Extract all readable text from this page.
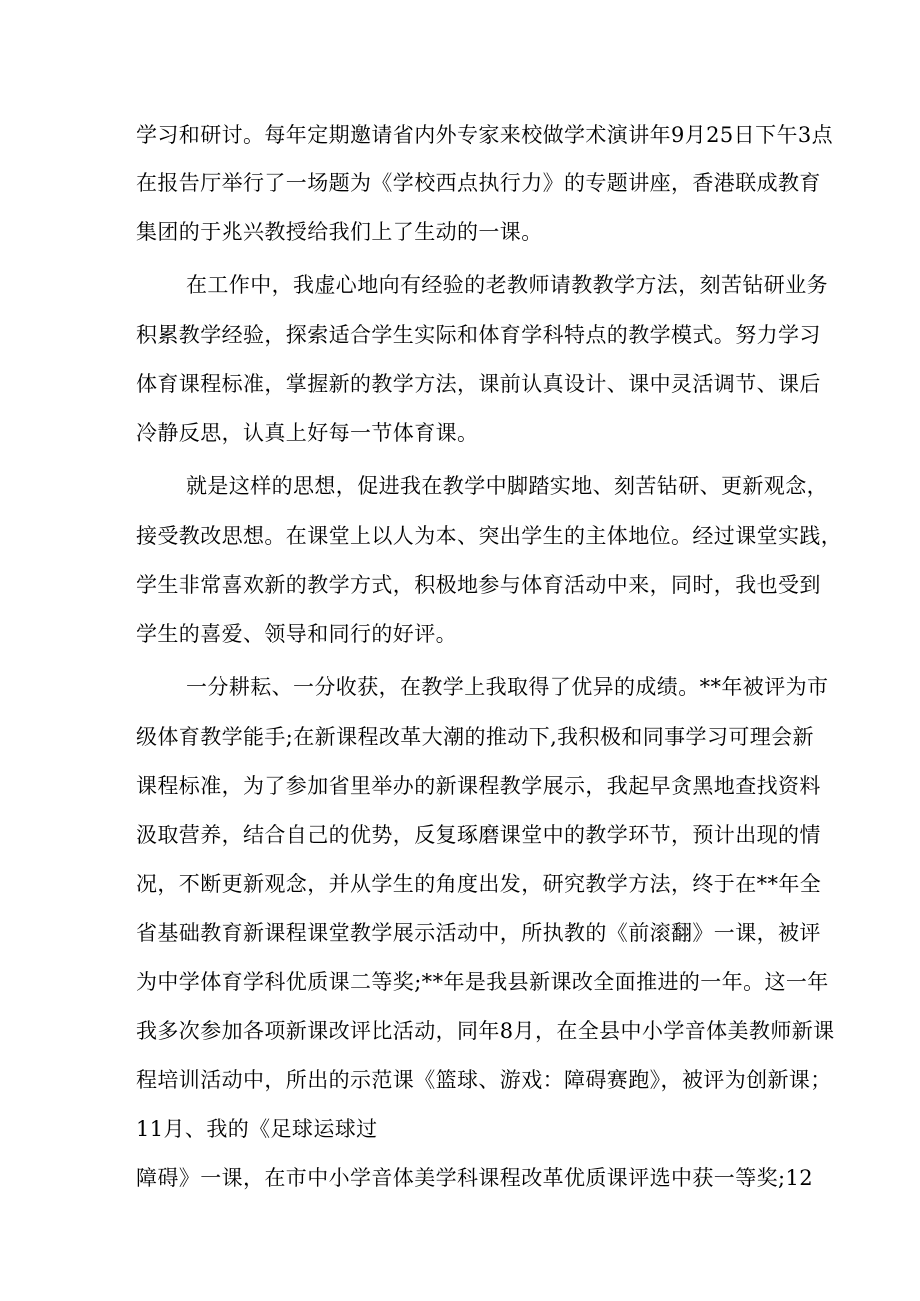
学习和研讨。每年定期邀请省内外专家来校做学术演讲年9月25日下午3点
在报告厅举行了一场题为《学校西点执行力》的专题讲座，香港联成教育
集团的于兆兴教授给我们上了生动的一课。
在工作中，我虚心地向有经验的老教师请教教学方法，刻苦钻研业务
积累教学经验，探索适合学生实际和体育学科特点的教学模式。努力学习
体育课程标准，掌握新的教学方法，课前认真设计、课中灵活调节、课后
冷静反思，认真上好每一节体育课。
就是这样的思想，促进我在教学中脚踏实地、刻苦钻研、更新观念，
接受教改思想。在课堂上以人为本、突出学生的主体地位。经过课堂实践，
学生非常喜欢新的教学方式，积极地参与体育活动中来，同时，我也受到
学生的喜爱、领导和同行的好评。
一分耕耘、一分收获，在教学上我取得了优异的成绩。**年被评为市
级体育教学能手;在新课程改革大潮的推动下,我积极和同事学习可理会新
课程标准，为了参加省里举办的新课程教学展示，我起早贪黑地查找资料
汲取营养，结合自己的优势，反复琢磨课堂中的教学环节，预计出现的情
况，不断更新观念，并从学生的角度出发，研究教学方法，终于在**年全
省基础教育新课程课堂教学展示活动中，所执教的《前滚翻》一课，被评
为中学体育学科优质课二等奖;**年是我县新课改全面推进的一年。这一年
我多次参加各项新课改评比活动，同年8月，在全县中小学音体美教师新课
程培训活动中，所出的示范课《篮球、游戏：障碍赛跑》，被评为创新课；
11月、我的《足球运球过
障碍》一课，在市中小学音体美学科课程改革优质课评选中获一等奖;12
